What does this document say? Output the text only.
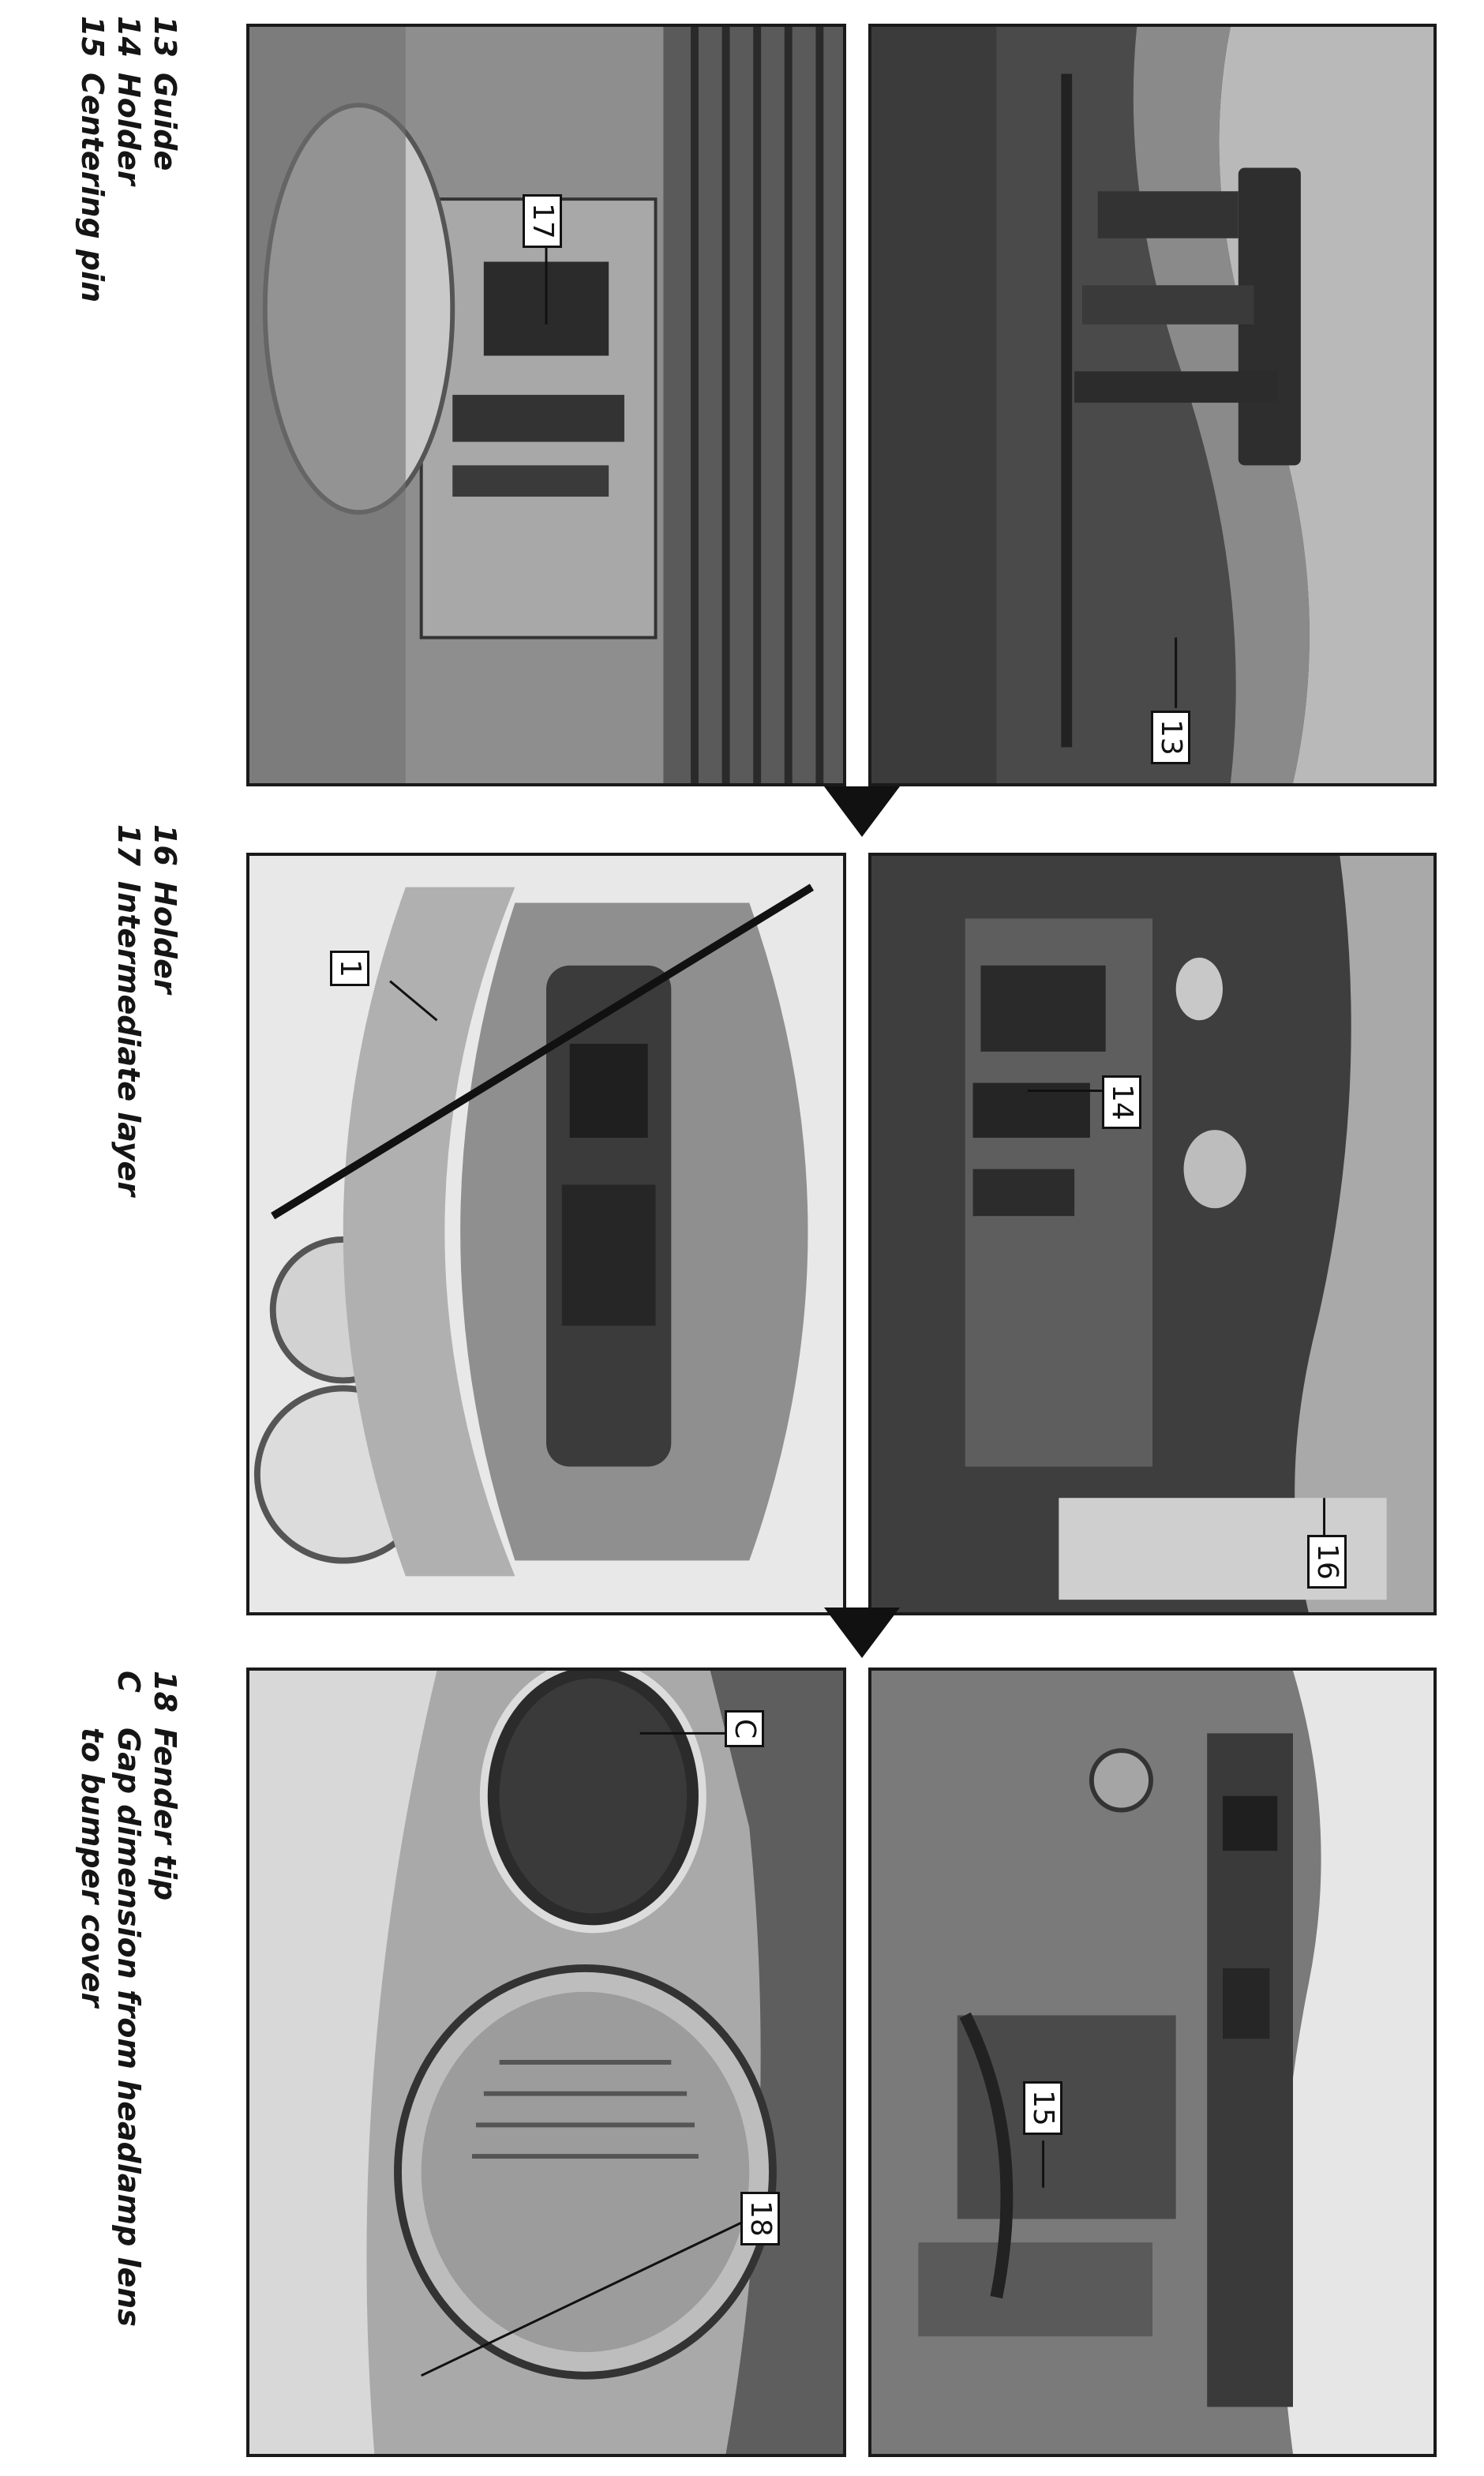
13
Guide
14
Holder
15
Centering pin
16
Holder
17
Intermediate layer
18
Fender tip
C
Gap dimension from headlamp lens
to bumper cover
13
17
16
14
1
15
C
18
